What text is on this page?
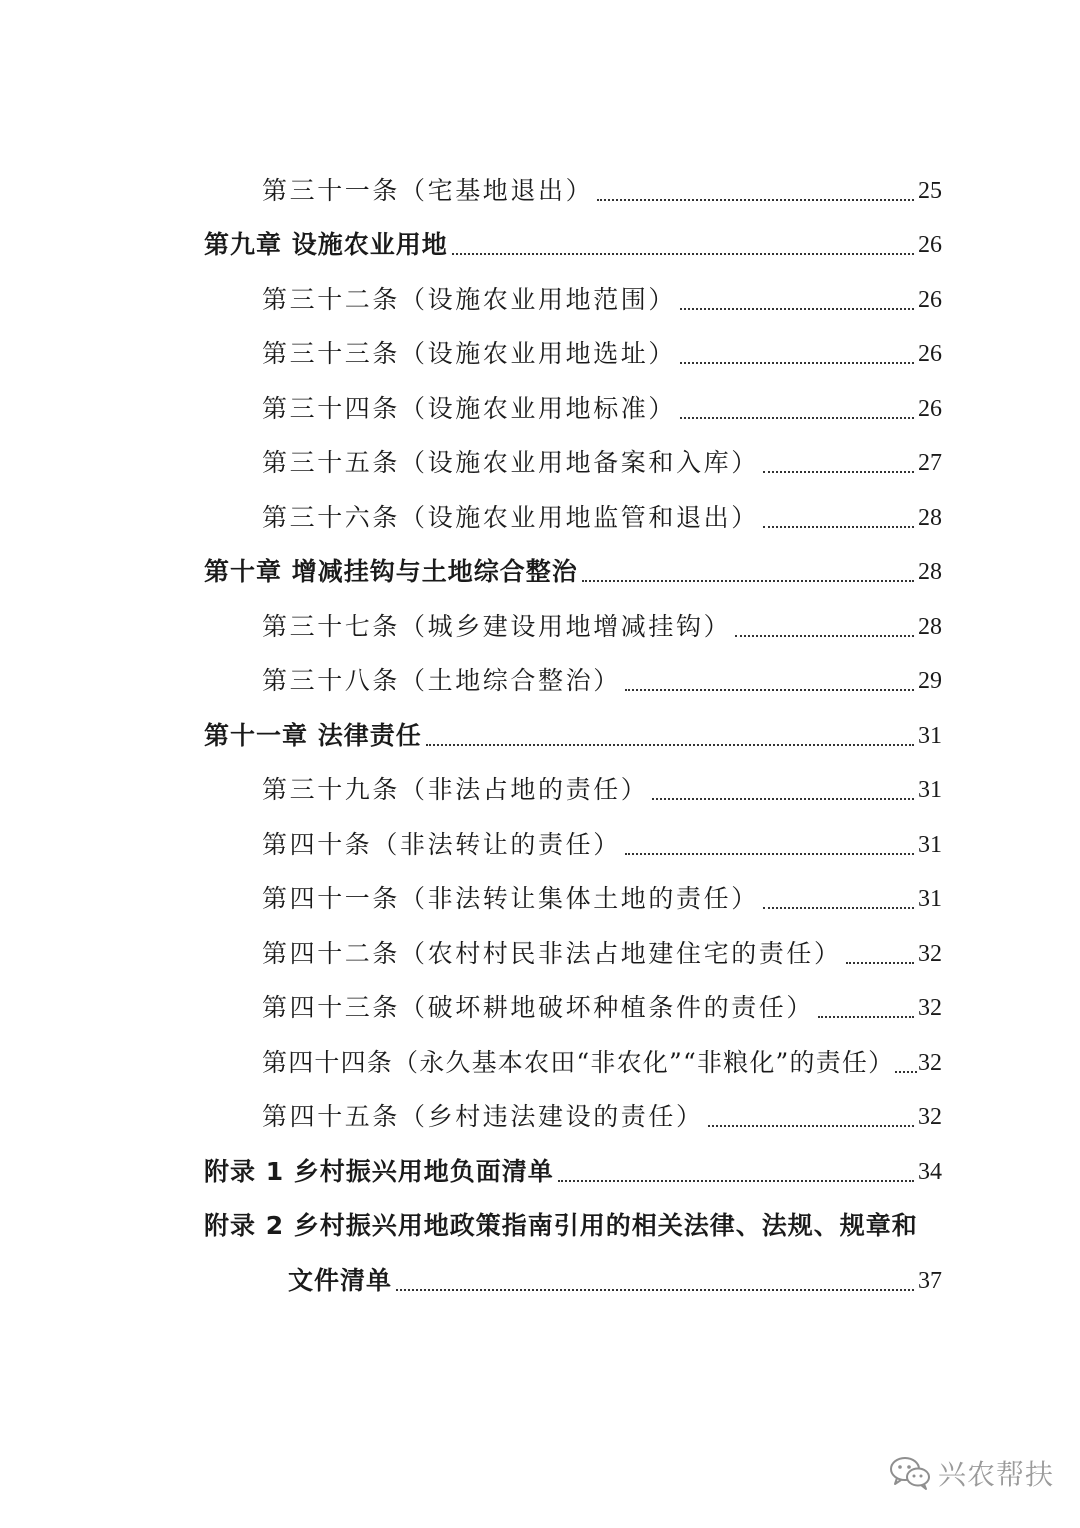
第三十一条（宅基地退出）	25
第九章 设施农业用地	26
第三十二条（设施农业用地范围）	26
第三十三条（设施农业用地选址）	26
第三十四条（设施农业用地标准）	26
第三十五条（设施农业用地备案和入库）	27
第三十六条（设施农业用地监管和退出）	28
第十章 增减挂钩与土地综合整治	28
第三十七条（城乡建设用地增减挂钩）	28
第三十八条（土地综合整治）	29
第十一章 法律责任	31
第三十九条（非法占地的责任）	31
第四十条（非法转让的责任）	31
第四十一条（非法转让集体土地的责任）	31
第四十二条（农村村民非法占地建住宅的责任）	32
第四十三条（破坏耕地破坏种植条件的责任）	32
第四十四条（永久基本农田“非农化”“非粮化”的责任） 32
第四十五条（乡村违法建设的责任）	32
附录 1 乡村振兴用地负面清单	34
附录 2 乡村振兴用地政策指南引用的相关法律、法规、规章和
文件清单	37
兴农帮扶
